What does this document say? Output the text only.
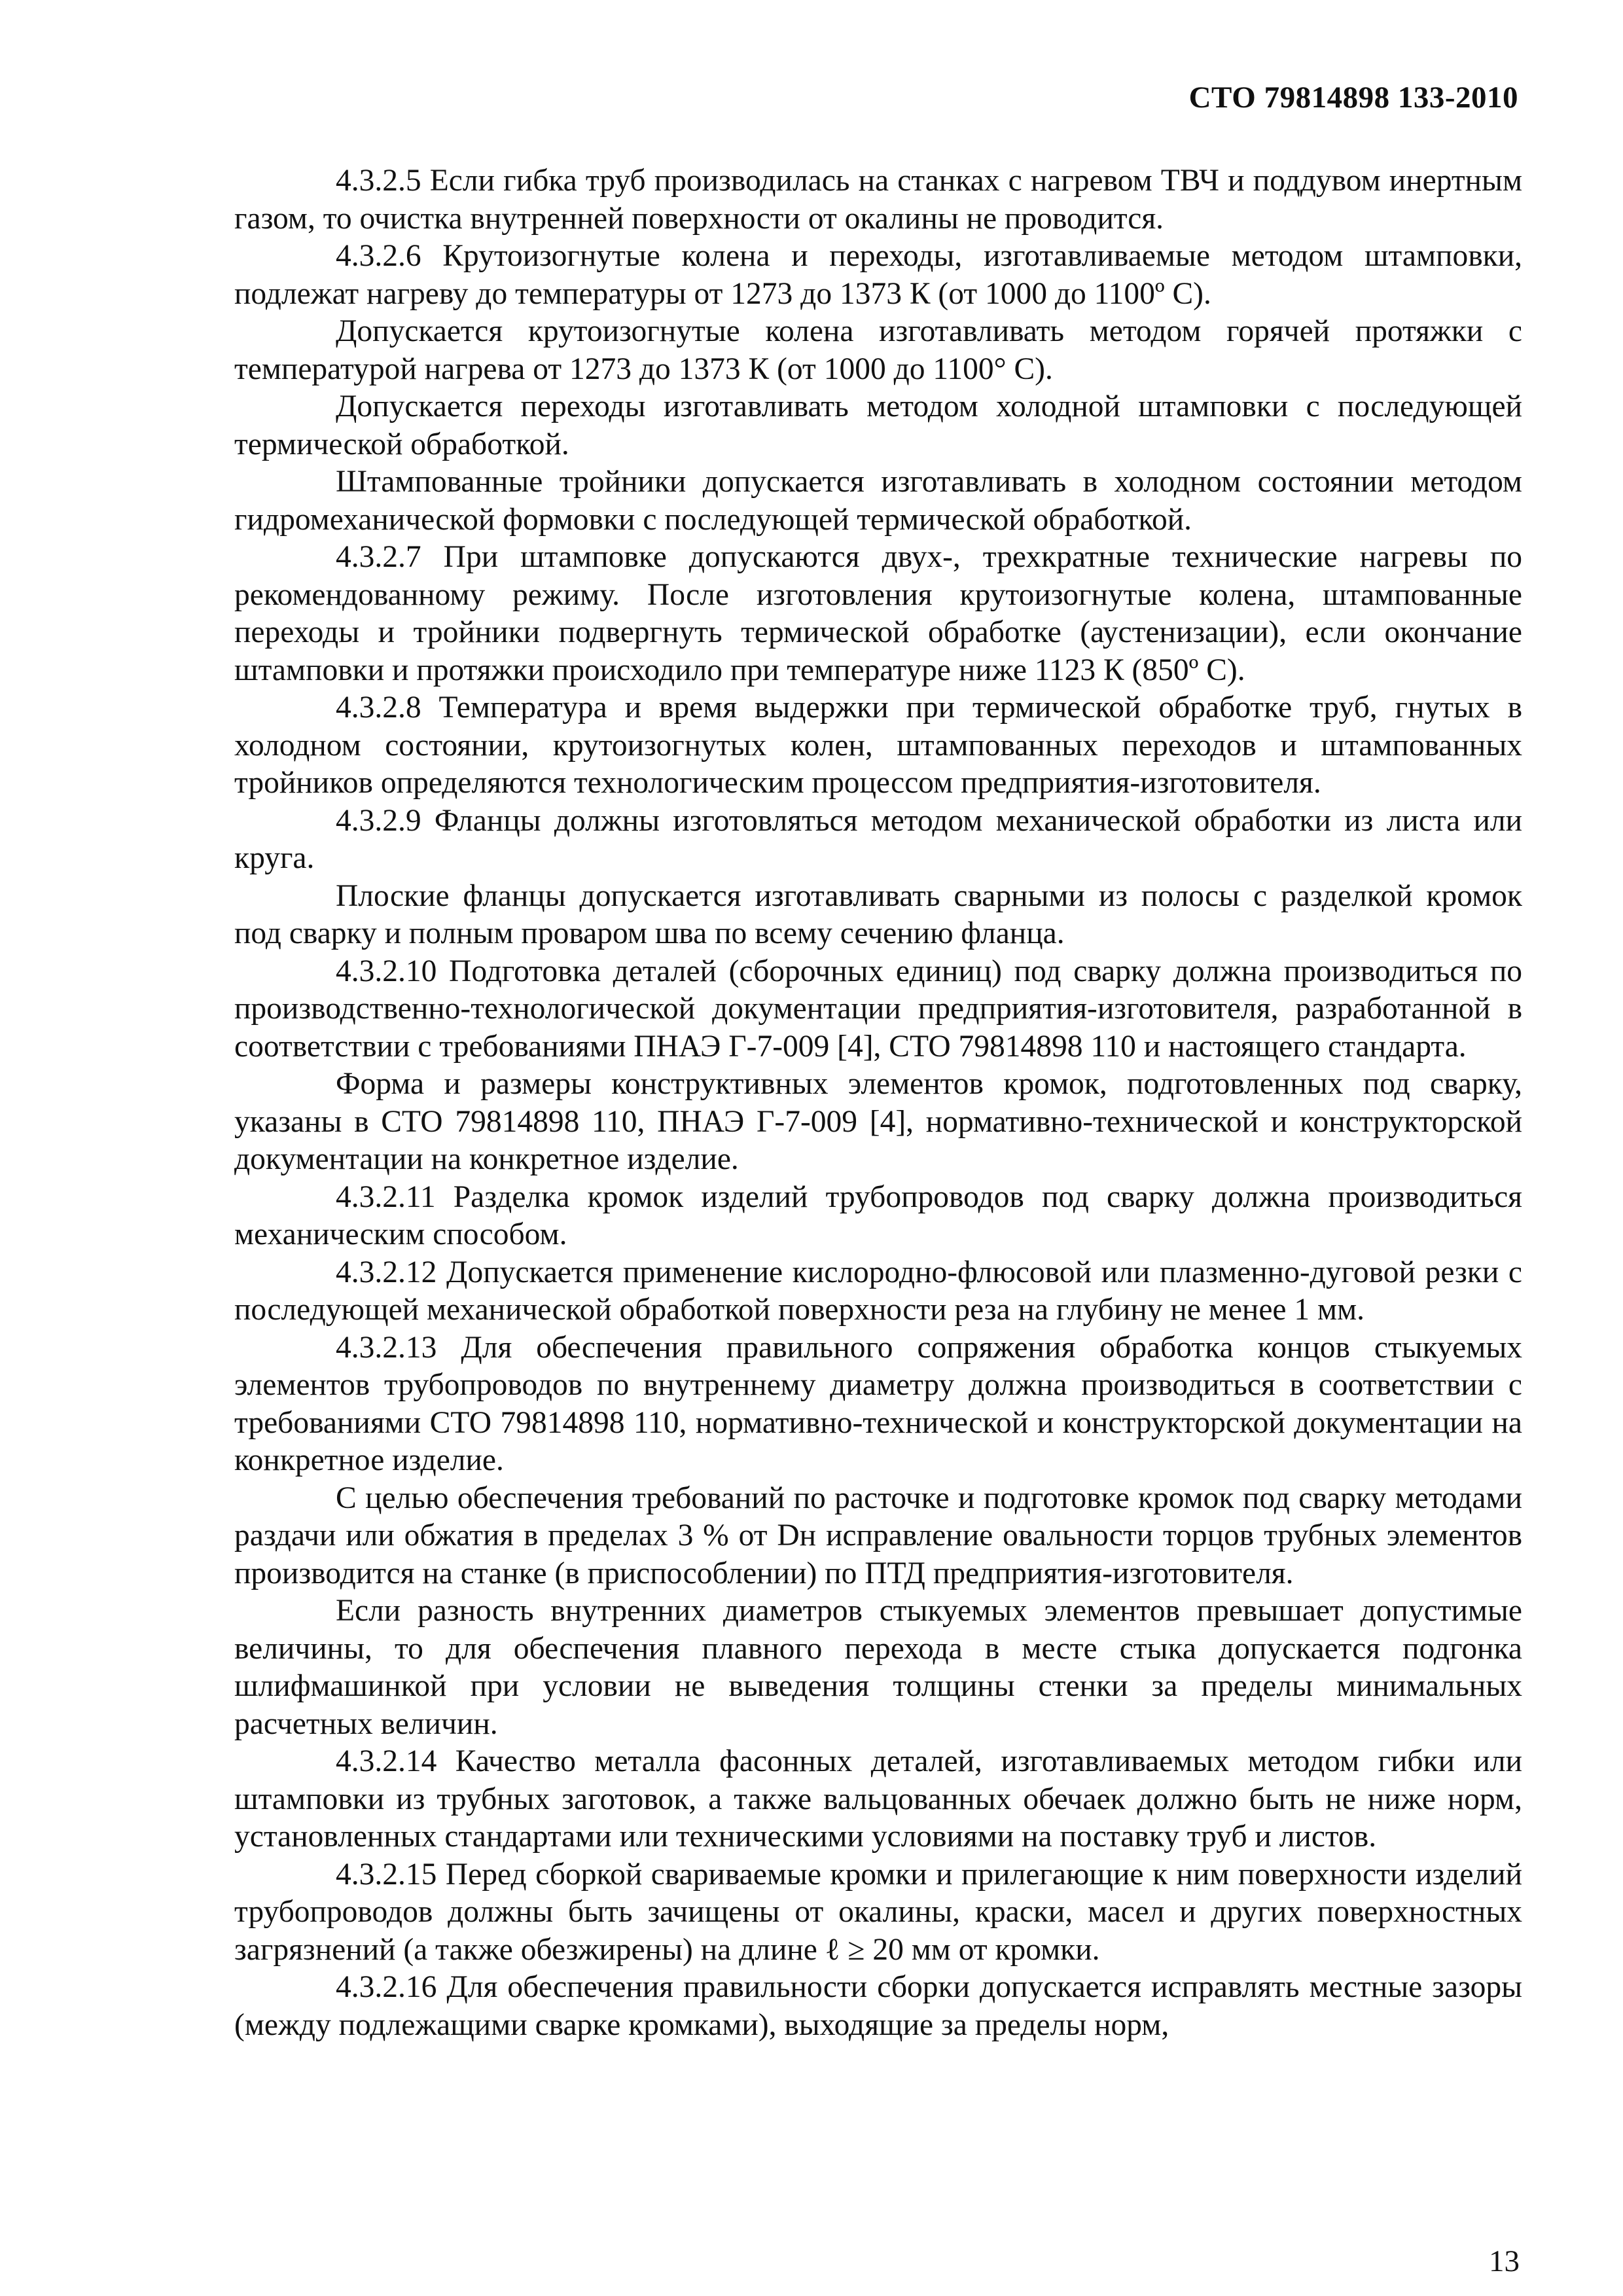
СТО 79814898 133-2010

4.3.2.5 Если гибка труб производилась на станках с нагревом ТВЧ и поддувом инертным газом, то очистка внутренней поверхности от окалины не проводится.

4.3.2.6 Крутоизогнутые колена и переходы, изготавливаемые методом штамповки, подлежат нагреву до температуры от 1273 до 1373 К (от 1000 до 1100º С).

Допускается крутоизогнутые колена изготавливать методом горячей протяжки с температурой нагрева от 1273 до 1373 К (от 1000 до 1100° С).

Допускается переходы изготавливать методом холодной штамповки с последующей термической обработкой.

Штампованные тройники допускается изготавливать в холодном состоянии методом гидромеханической формовки с последующей термической обработкой.

4.3.2.7 При штамповке допускаются двух-, трехкратные технические нагревы по рекомендованному режиму. После изготовления крутоизогнутые колена, штампованные переходы и тройники подвергнуть термической обработке (аустенизации), если окончание штамповки и протяжки происходило при температуре ниже 1123 К (850º С).

4.3.2.8 Температура и время выдержки при термической обработке труб, гнутых в холодном состоянии, крутоизогнутых колен, штампованных переходов и штампованных тройников определяются технологическим процессом предприятия-изготовителя.

4.3.2.9 Фланцы должны изготовляться методом механической обработки из листа или круга.

Плоские фланцы допускается изготавливать сварными из полосы с разделкой кромок под сварку и полным проваром шва по всему сечению фланца.

4.3.2.10 Подготовка деталей (сборочных единиц) под сварку должна производиться по производственно-технологической документации предприятия-изготовителя, разработанной в соответствии с требованиями ПНАЭ Г-7-009 [4], СТО 79814898 110 и настоящего стандарта.

Форма и размеры конструктивных элементов кромок, подготовленных под сварку, указаны в СТО 79814898 110, ПНАЭ Г-7-009 [4], нормативно-технической и конструкторской документации на конкретное изделие.

4.3.2.11 Разделка кромок изделий трубопроводов под сварку должна производиться механическим способом.

4.3.2.12 Допускается применение кислородно-флюсовой или плазменно-дуговой резки с последующей механической обработкой поверхности реза на глубину не менее 1 мм.

4.3.2.13 Для обеспечения правильного сопряжения обработка концов стыкуемых элементов трубопроводов по внутреннему диаметру должна производиться в соответствии с требованиями СТО 79814898 110, нормативно-технической и конструкторской документации на конкретное изделие.

С целью обеспечения требований по расточке и подготовке кромок под сварку методами раздачи или обжатия в пределах 3 % от Dн исправление овальности торцов трубных элементов производится на станке (в приспособлении) по ПТД предприятия-изготовителя.

Если разность внутренних диаметров стыкуемых элементов превышает допустимые величины, то для обеспечения плавного перехода в месте стыка допускается подгонка шлифмашинкой при условии не выведения толщины стенки за пределы минимальных расчетных величин.

4.3.2.14 Качество металла фасонных деталей, изготавливаемых методом гибки или штамповки из трубных заготовок, а также вальцованных обечаек должно быть не ниже норм, установленных стандартами или техническими условиями на поставку труб и листов.

4.3.2.15 Перед сборкой свариваемые кромки и прилегающие к ним поверхности изделий трубопроводов должны быть зачищены от окалины, краски, масел и других поверхностных загрязнений (а также обезжирены) на длине ℓ ≥ 20 мм от кромки.

4.3.2.16 Для обеспечения правильности сборки допускается исправлять местные зазоры (между подлежащими сварке кромками), выходящие за пределы норм,

13
